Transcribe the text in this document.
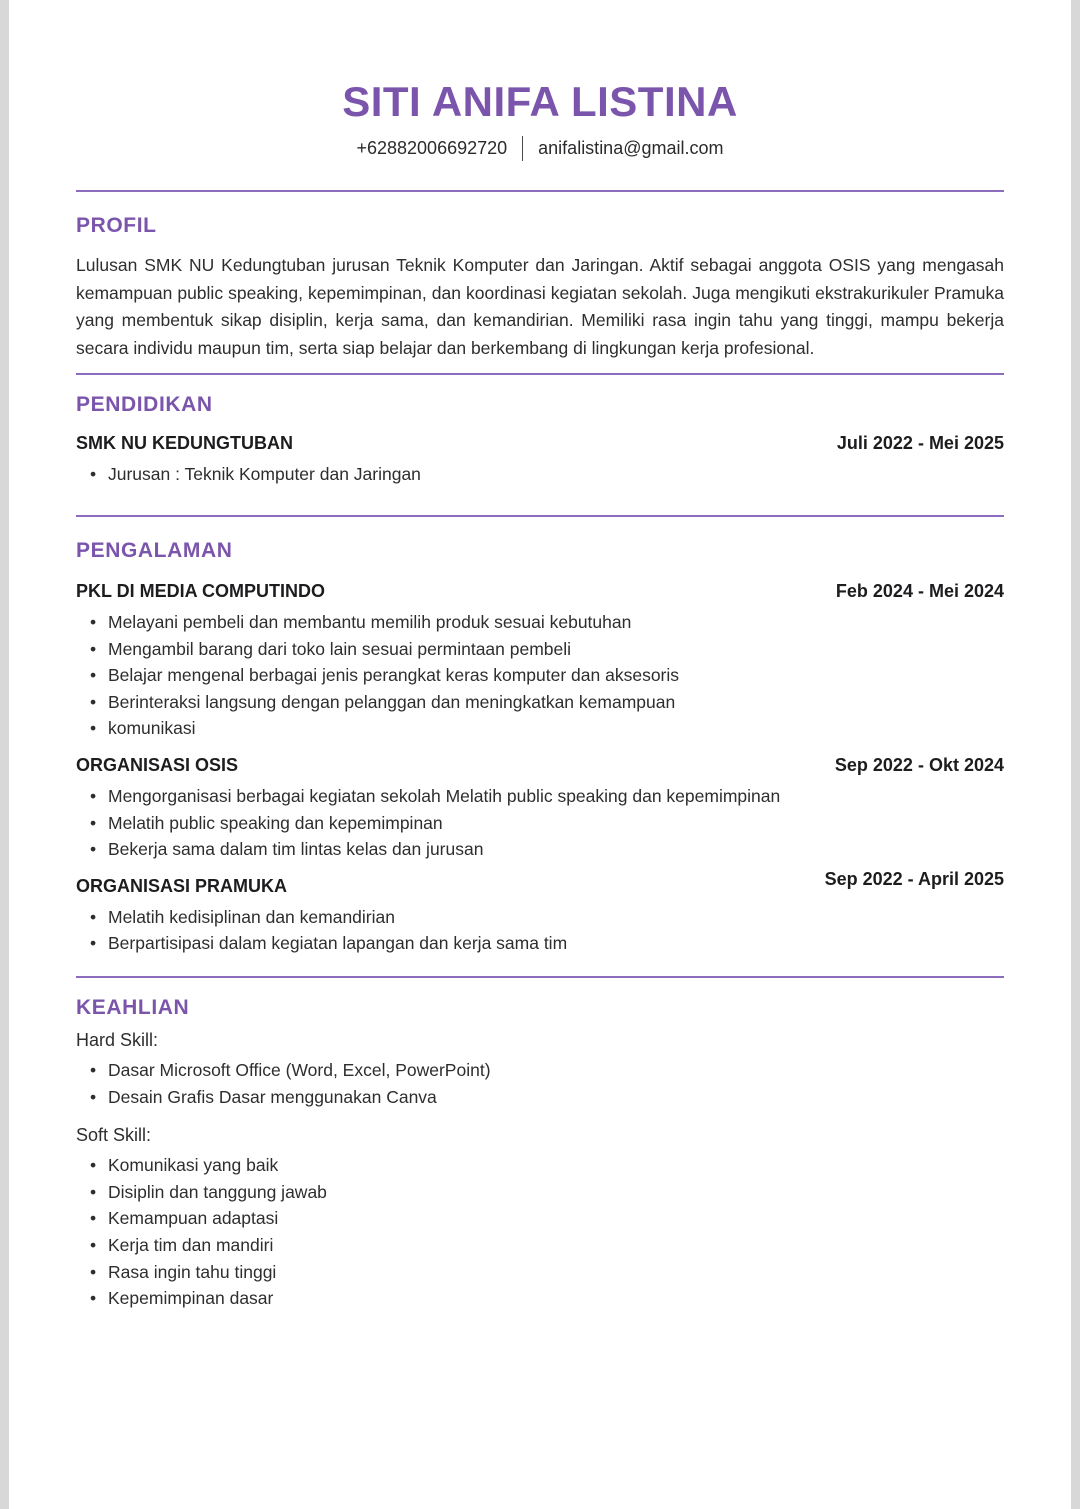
SITI ANIFA LISTINA
+62882006692720 anifalistina@gmail.com
PROFIL

Lulusan SMK NU Kedungtuban jurusan Teknik Komputer dan Jaringan. Aktif sebagai anggota OSIS yang mengasah kemampuan public speaking, kepemimpinan, dan koordinasi kegiatan sekolah. Juga mengikuti ekstrakurikuler Pramuka yang membentuk sikap disiplin, kerja sama, dan kemandirian. Memiliki rasa ingin tahu yang tinggi, mampu bekerja secara individu maupun tim, serta siap belajar dan berkembang di lingkungan kerja profesional.

PENDIDIKAN
SMK NU KEDUNGTUBAN	Juli 2022 - Mei 2025
• Jurusan : Teknik Komputer dan Jaringan
PENGALAMAN
PKL DI MEDIA COMPUTINDO	Feb 2024 - Mei 2024
• Melayani pembeli dan membantu memilih produk sesuai kebutuhan
• Mengambil barang dari toko lain sesuai permintaan pembeli
• Belajar mengenal berbagai jenis perangkat keras komputer dan aksesoris
• Berinteraksi langsung dengan pelanggan dan meningkatkan kemampuan
• komunikasi
ORGANISASI OSIS	Sep 2022 - Okt 2024
• Mengorganisasi berbagai kegiatan sekolah Melatih public speaking dan kepemimpinan
• Melatih public speaking dan kepemimpinan
• Bekerja sama dalam tim lintas kelas dan jurusan
ORGANISASI PRAMUKA	Sep 2022 - April 2025
• Melatih kedisiplinan dan kemandirian
• Berpartisipasi dalam kegiatan lapangan dan kerja sama tim
KEAHLIAN
Hard Skill:
• Dasar Microsoft Office (Word, Excel, PowerPoint)
• Desain Grafis Dasar menggunakan Canva
Soft Skill:
• Komunikasi yang baik
• Disiplin dan tanggung jawab
• Kemampuan adaptasi
• Kerja tim dan mandiri
• Rasa ingin tahu tinggi
• Kepemimpinan dasar
